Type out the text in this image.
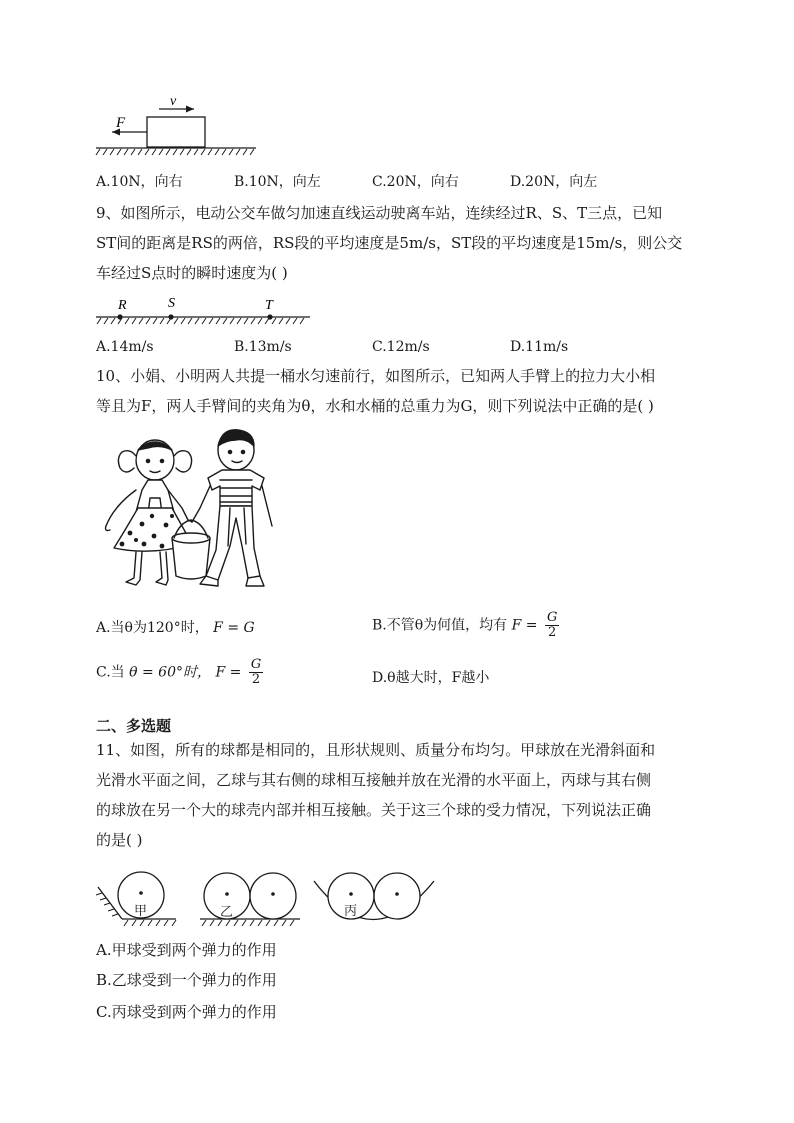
F
v
A.10N，向右	B.10N，向左	C.20N，向右	D.20N，向左
9、如图所示，电动公交车做匀加速直线运动驶离车站，连续经过R、S、T三点，已知
ST间的距离是RS的两倍，RS段的平均速度是5m/s，ST段的平均速度是15m/s，则公交
车经过S点时的瞬时速度为( )
R	S	T
A.14m/s	B.13m/s	C.12m/s	D.11m/s
10、小娟、小明两人共提一桶水匀速前行，如图所示，已知两人手臂上的拉力大小相
等且为F，两人手臂间的夹角为θ，水和水桶的总重力为G，则下列说法中正确的是( )
A.当θ为120°时， F = G	B.不管θ为何值，均有 $F = \frac{G}{2}$
C.当 θ = 60°时， $F = \frac{G}{2}$	D.θ越大时，F越小
二、多选题
11、如图，所有的球都是相同的，且形状规则、质量分布均匀。甲球放在光滑斜面和
光滑水平面之间，乙球与其右侧的球相互接触并放在光滑的水平面上，丙球与其右侧
的球放在另一个大的球壳内部并相互接触。关于这三个球的受力情况，下列说法正确
的是( )
甲	乙	丙
A.甲球受到两个弹力的作用
B.乙球受到一个弹力的作用
C.丙球受到两个弹力的作用
